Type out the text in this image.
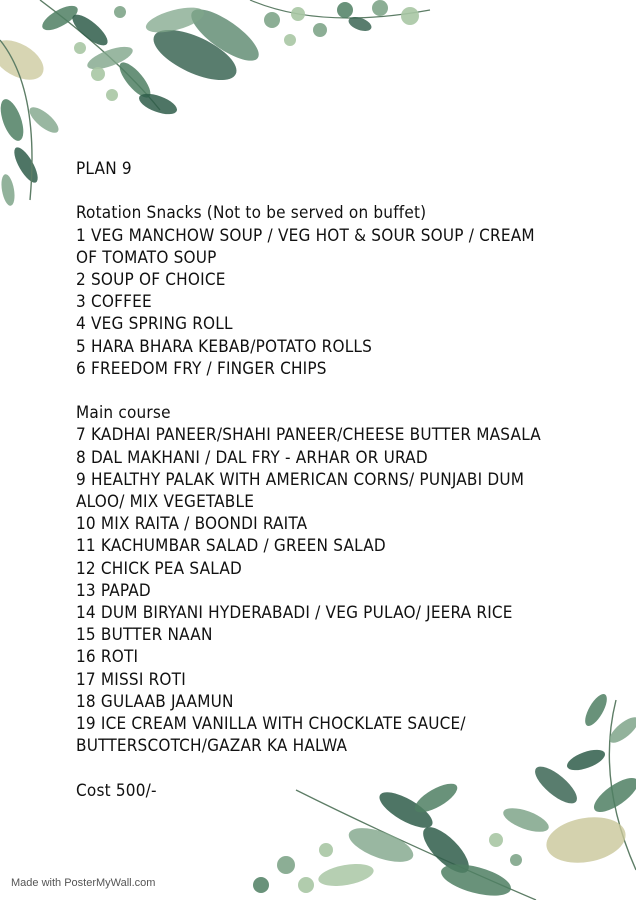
PLAN 9
Rotation Snacks (Not to be served on buffet)
1 VEG MANCHOW SOUP / VEG HOT & SOUR SOUP / CREAM
OF TOMATO SOUP
2 SOUP OF CHOICE
3 COFFEE
4 VEG SPRING ROLL
5 HARA BHARA KEBAB/POTATO ROLLS
6 FREEDOM FRY / FINGER CHIPS
Main course
7 KADHAI PANEER/SHAHI PANEER/CHEESE BUTTER MASALA
8 DAL MAKHANI / DAL FRY - ARHAR OR URAD
9 HEALTHY PALAK WITH AMERICAN CORNS/ PUNJABI DUM
ALOO/ MIX VEGETABLE
10 MIX RAITA / BOONDI RAITA
11 KACHUMBAR SALAD / GREEN SALAD
12 CHICK PEA SALAD
13 PAPAD
14 DUM BIRYANI HYDERABADI / VEG PULAO/ JEERA RICE
15 BUTTER NAAN
16 ROTI
17 MISSI ROTI
18 GULAAB JAAMUN
19 ICE CREAM VANILLA WITH CHOCKLATE SAUCE/
BUTTERSCOTCH/GAZAR KA HALWA
Cost 500/-
Made with PosterMyWall.com
